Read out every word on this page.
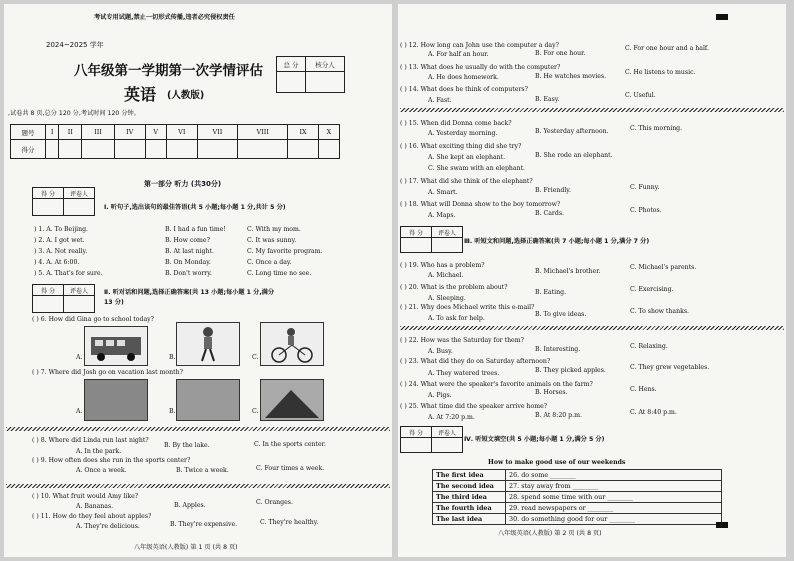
考试专用试题,禁止一切形式传播,违者必究侵权责任
2024~2025 学年
八年级第一学期第一次学情评估
英语 (人教版)
总 分	核分人

,试卷共 8 页,总分 120 分,考试时间 120 分钟。
题号	I	II	III	IV	V	VI	VII	VIII	IX	X
得分										
第一部分 听力 (共30分)
得 分	评卷人

Ⅰ. 听句子,选出该句的最佳答语(共 5 小题;每小题 1 分,共计 5 分)
) 1. A. To Beijing.	B. I had a fun time!	C. With my mom.
) 2. A. I got wet.	B. How come?	C. It was sunny.
) 3. A. Not really.	B. At last night.	C. My favorite program.
) 4. A. At 6:00.	B. On Monday.	C. Once a day.
) 5. A. That's for sure.	B. Don't worry.	C. Long time no see.
得 分	评卷人
		Ⅱ. 听对话和问题,选择正确答案(共 13 小题;每小题 1 分,满分
13 分)
( ) 6. How did Gina go to school today?
A.	B.	C.
( ) 7. Where did Josh go on vacation last month?
A.	B.	C.
( ) 8. Where did Linda run last night?
B. By the lake.	C. In the sports center.
A. In the park.
( ) 9. How often does she run in the sports center?
A. Once a week.	B. Twice a week.	C. Four times a week.
( ) 10. What fruit would Amy like?
A. Bananas.	B. Apples.	C. Oranges.
( ) 11. How do they feel about apples?
A. They're delicious.	B. They're expensive.	C. They're healthy.
八年级英语(人教版) 第 1 页 (共 8 页)
( ) 12. How long can John use the computer a day?
A. For half an hour.	B. For one hour.
C. For one hour and a half.
( ) 13. What does he usually do with the computer?
A. He does homework.	B. He watches movies.
C. He listens to music.
( ) 14. What does he think of computers?
A. Fast.	B. Easy.
C. Useful.
( ) 15. When did Donna come back?
A. Yesterday morning.	B. Yesterday afternoon.	C. This morning.
( ) 16. What exciting thing did she try?
A. She kept an elephant.	B. She rode an elephant.
C. She swam with an elephant.
( ) 17. What did she think of the elephant?
A. Smart.	B. Friendly.	C. Funny.
( ) 18. What will Donna show to the boy tomorrow?
A. Maps.	B. Cards.	C. Photos.
得 分	评卷人

Ⅲ. 听短文和问题,选择正确答案(共 7 小题;每小题 1 分,满分 7 分)
( ) 19. Who has a problem?
A. Michael.
B. Michael's brother.
C. Michael's parents.
( ) 20. What is the problem about?
A. Sleeping.
B. Eating.	C. Exercising.
( ) 21. Why does Michael write this e-mail?
A. To ask for help.
B. To give ideas.	C. To show thanks.
( ) 22. How was the Saturday for them?
A. Busy.	B. Interesting.	C. Relaxing.
( ) 23. What did they do on Saturday afternoon?
A. They watered trees.	B. They picked apples.	C. They grew vegetables.
( ) 24. What were the speaker's favorite animals on the farm?
A. Pigs.	B. Horses.	C. Hens.
( ) 25. What time did the speaker arrive home?
A. At 7:20 p.m.	B. At 8:20 p.m.	C. At 8:40 p.m.
得 分	评卷人

Ⅳ. 听短文填空(共 5 小题;每小题 1 分,满分 5 分)
How to make good use of our weekends
The first idea	26. do some ________
The second idea	27. stay away from ________
The third idea	28. spend some time with our ________
The fourth idea	29. read newspapers or ________
The last idea	30. do something good for our ________
八年级英语(人教版) 第 2 页 (共 8 页)
